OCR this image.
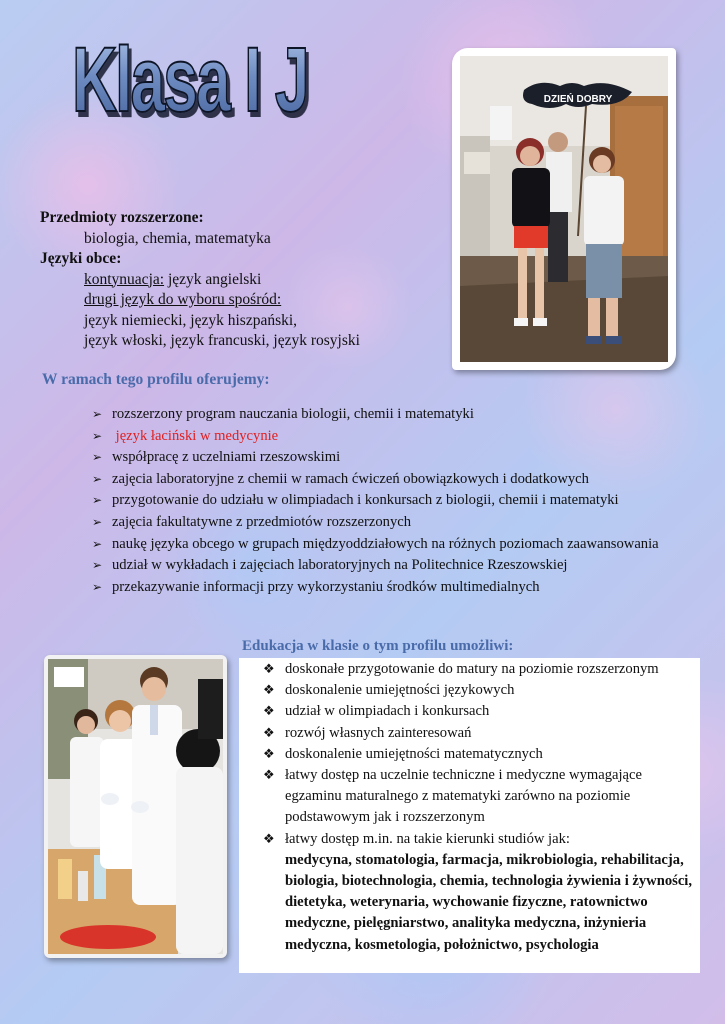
Klasa I J	DZIEŃ DOBRY
Przedmioty rozszerzone:
biologia, chemia, matematyka
Języki obce:
kontynuacja: język angielski
drugi język do wyboru spośród:
język niemiecki, język hiszpański,
język włoski, język francuski, język rosyjski
W ramach tego profilu oferujemy:
➢ rozszerzony program nauczania biologii, chemii i matematyki
➢ język łaciński w medycynie
➢ współpracę z uczelniami rzeszowskimi
➢ zajęcia laboratoryjne z chemii w ramach ćwiczeń obowiązkowych i dodatkowych
➢ przygotowanie do udziału w olimpiadach i konkursach z biologii, chemii i matematyki
➢ zajęcia fakultatywne z przedmiotów rozszerzonych
➢ naukę języka obcego w grupach międzyoddziałowych na różnych poziomach zaawansowania
➢ udział w wykładach i zajęciach laboratoryjnych na Politechnice Rzeszowskiej
➢ przekazywanie informacji przy wykorzystaniu środków multimedialnych
Edukacja w klasie o tym profilu umożliwi:
❖ doskonałe przygotowanie do matury na poziomie rozszerzonym
❖ doskonalenie umiejętności językowych
❖ udział w olimpiadach i konkursach
❖ rozwój własnych zainteresowań
❖ doskonalenie umiejętności matematycznych
❖ łatwy dostęp na uczelnie techniczne i medyczne wymagające egzaminu maturalnego z matematyki zarówno na poziomie podstawowym jak i rozszerzonym
❖ łatwy dostęp m.in. na takie kierunki studiów jak:
medycyna, stomatologia, farmacja, mikrobiologia, rehabilitacja, biologia, biotechnologia, chemia, technologia żywienia i żywności, dietetyka, weterynaria, wychowanie fizyczne, ratownictwo medyczne, pielęgniarstwo, analityka medyczna, inżynieria medyczna, kosmetologia, położnictwo, psychologia
